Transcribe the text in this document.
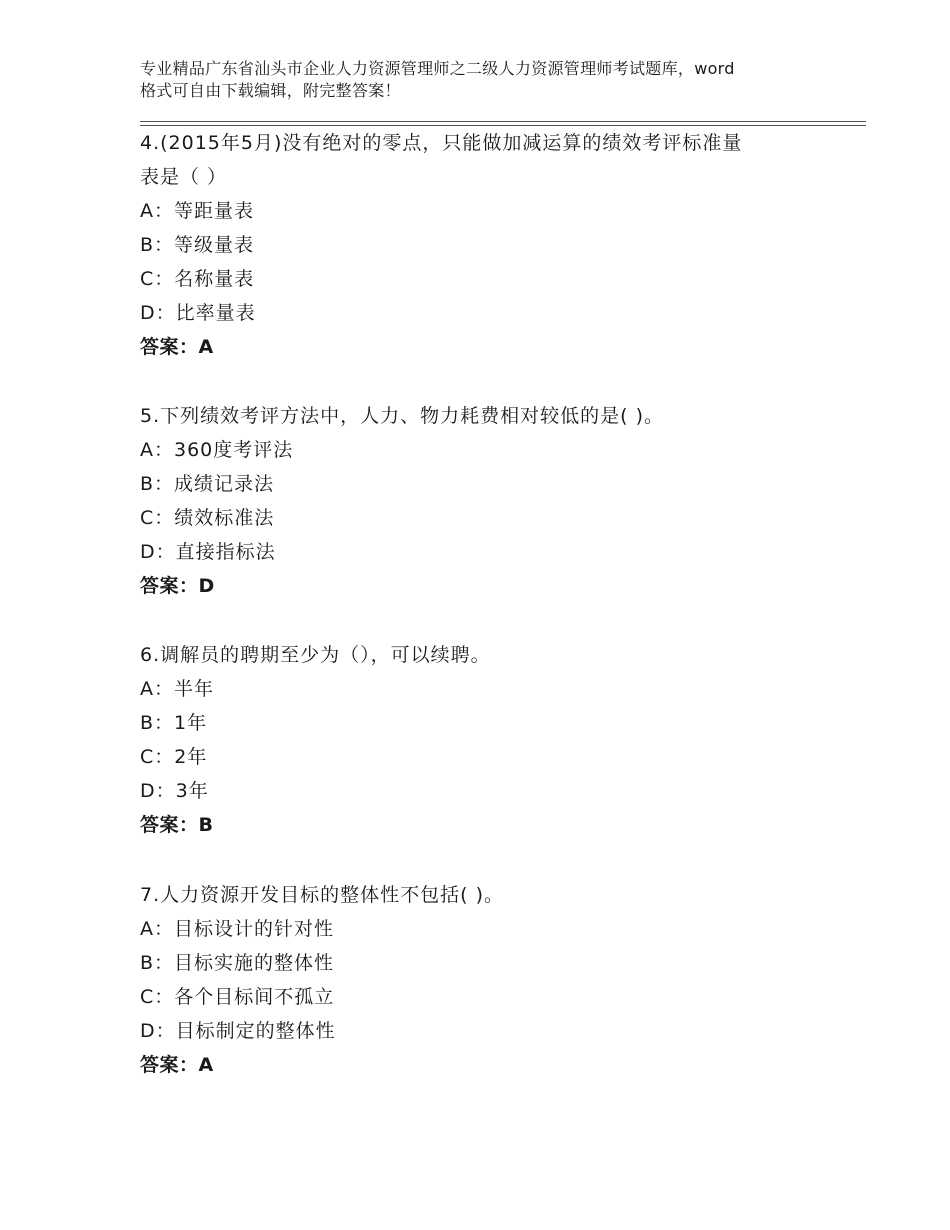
专业精品广东省汕头市企业人力资源管理师之二级人力资源管理师考试题库，word
格式可自由下载编辑，附完整答案！
4.(2015年5月)没有绝对的零点，只能做加减运算的绩效考评标准量
表是（ ）
A：等距量表
B：等级量表
C：名称量表
D：比率量表
答案：A
5.下列绩效考评方法中，人力、物力耗费相对较低的是( )。
A：360度考评法
B：成绩记录法
C：绩效标准法
D：直接指标法
答案：D
6.调解员的聘期至少为（），可以续聘。
A：半年
B：1年
C：2年
D：3年
答案：B
7.人力资源开发目标的整体性不包括( )。
A：目标设计的针对性
B：目标实施的整体性
C：各个目标间不孤立
D：目标制定的整体性
答案：A
